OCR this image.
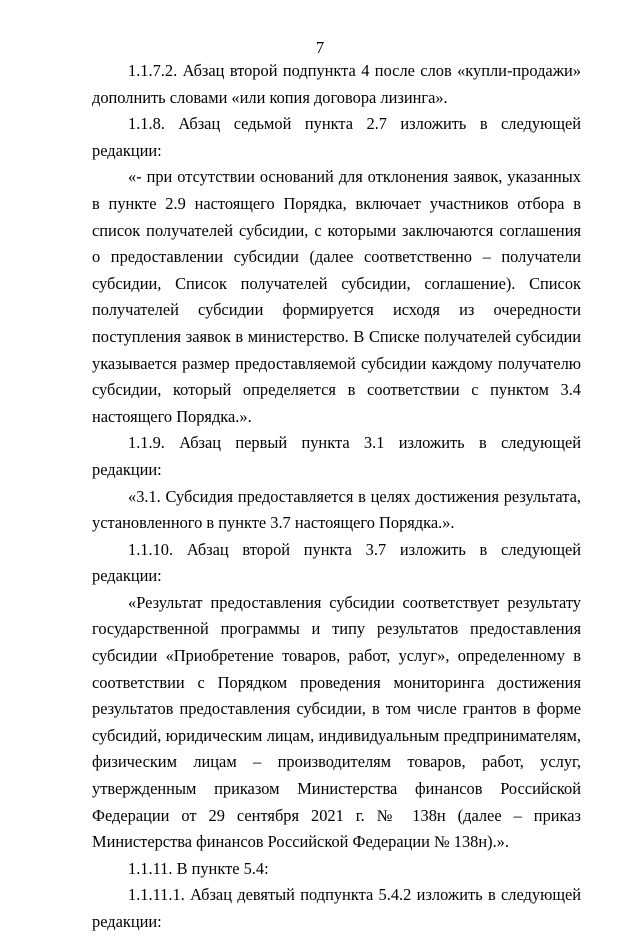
7

1.1.7.2. Абзац второй подпункта 4 после слов «купли-продажи» дополнить словами «или копия договора лизинга».

1.1.8. Абзац седьмой пункта 2.7 изложить в следующей редакции:

«- при отсутствии оснований для отклонения заявок, указанных в пункте 2.9 настоящего Порядка, включает участников отбора в список получателей субсидии, с которыми заключаются соглашения о предоставлении субсидии (далее соответственно – получатели субсидии, Список получателей субсидии, соглашение). Список получателей субсидии формируется исходя из очередности поступления заявок в министерство. В Списке получателей субсидии указывается размер предоставляемой субсидии каждому получателю субсидии, который определяется в соответствии с пунктом 3.4 настоящего Порядка.».

1.1.9. Абзац первый пункта 3.1 изложить в следующей редакции:

«3.1. Субсидия предоставляется в целях достижения результата, установленного в пункте 3.7 настоящего Порядка.».

1.1.10. Абзац второй пункта 3.7 изложить в следующей редакции:

«Результат предоставления субсидии соответствует результату государственной программы и типу результатов предоставления субсидии «Приобретение товаров, работ, услуг», определенному в соответствии с Порядком проведения мониторинга достижения результатов предоставления субсидии, в том числе грантов в форме субсидий, юридическим лицам, индивидуальным предпринимателям, физическим лицам – производителям товаров, работ, услуг, утвержденным приказом Министерства финансов Российской Федерации от 29 сентября 2021 г. № 138н (далее – приказ Министерства финансов Российской Федерации № 138н).».

1.1.11. В пункте 5.4:

1.1.11.1. Абзац девятый подпункта 5.4.2 изложить в следующей редакции:
